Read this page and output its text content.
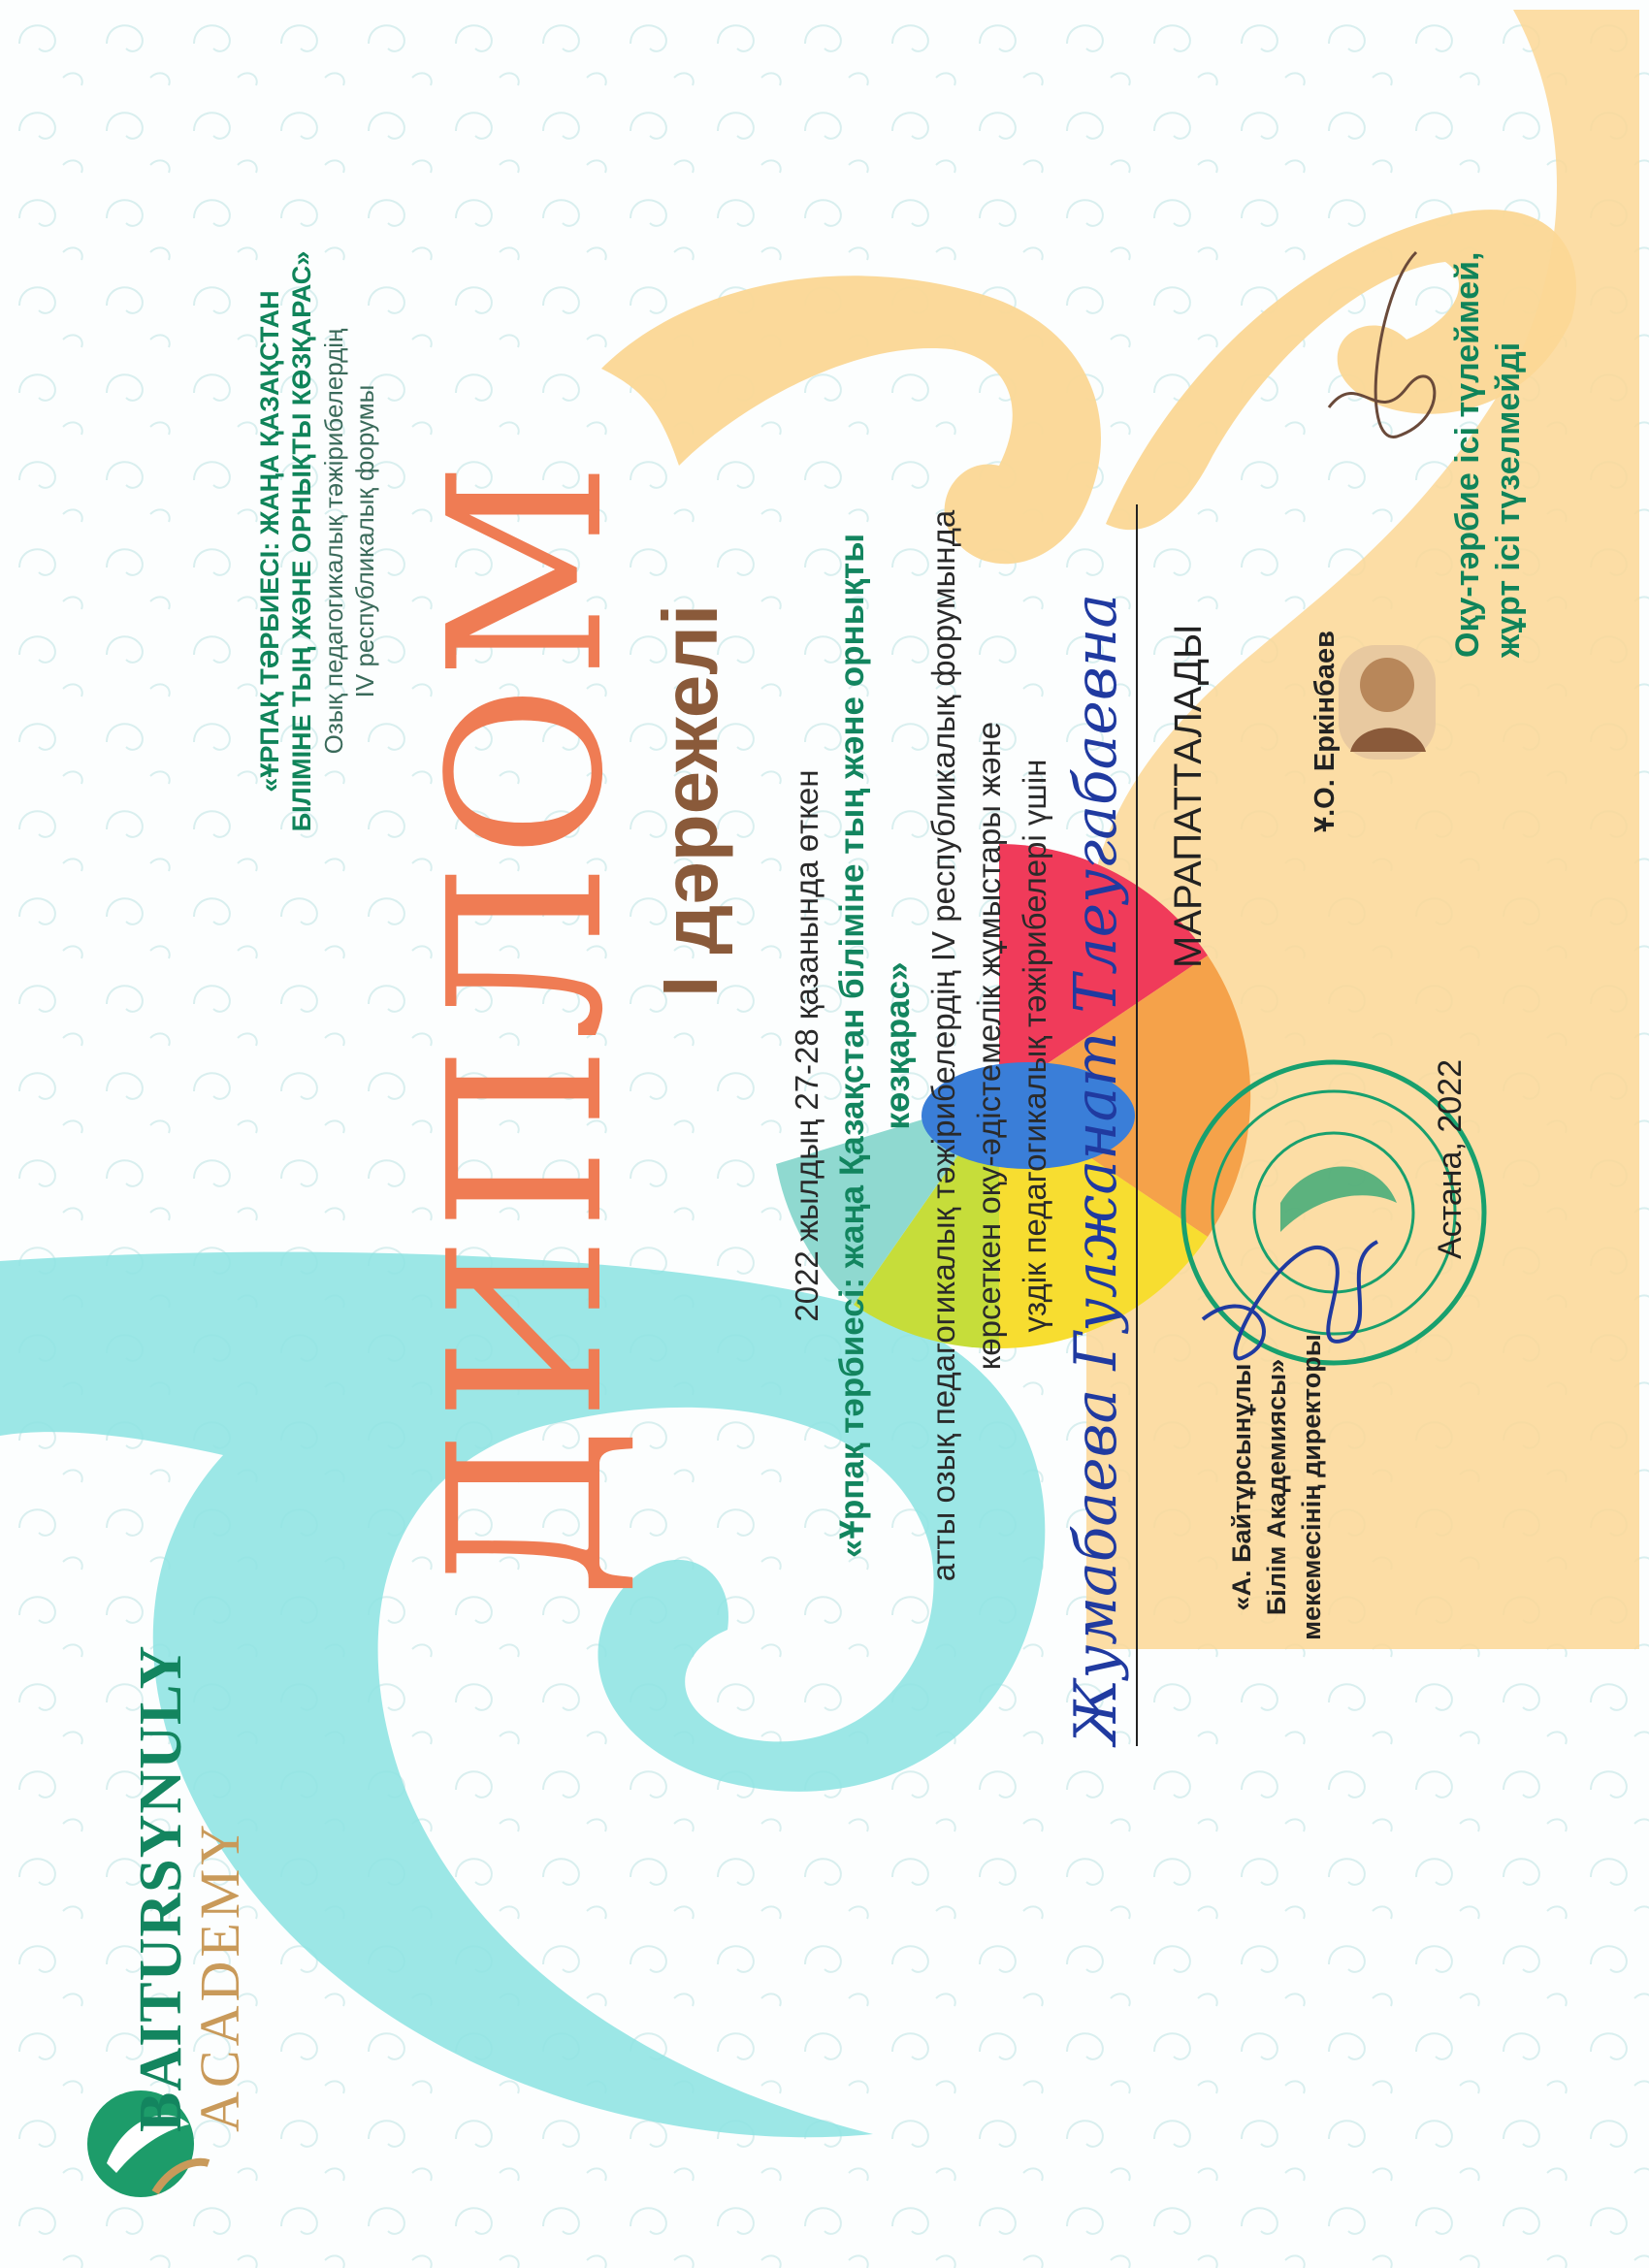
BAITURSYNULY
ACADEMY
«ҰРПАҚ ТӘРБИЕСІ: ЖАҢА ҚАЗАҚСТАН БІЛІМІНЕ ТЫҢ ЖӘНЕ ОРНЫҚТЫ КӨЗҚАРАС» Озық педагогикалық тәжірибелердің IV республикалық форумы	Оқу-тәрбие ісі түлеймей, жұрт ісі түзелмейді
ДИПЛОМ
I дәрежелі 2022 жылдың 27-28 қазанында өткен «Ұрпақ тәрбиесі: жаңа Қазақстан біліміне тың және орнықты көзқарас» атты озық педагогикалық тәжірибелердің IV республикалық форумында көрсеткен оқу-әдістемелік жұмыстары және үздік педагогикалық тәжірибелері үшін Жумабаева Гулжанат Тлеугабаевна МАРАПАТТАЛАДЫ
«А. Байтұрсынұлы Білім Академиясы» мекемесінің директоры
Ұ.О. Еркінбаев
Астана, 2022
